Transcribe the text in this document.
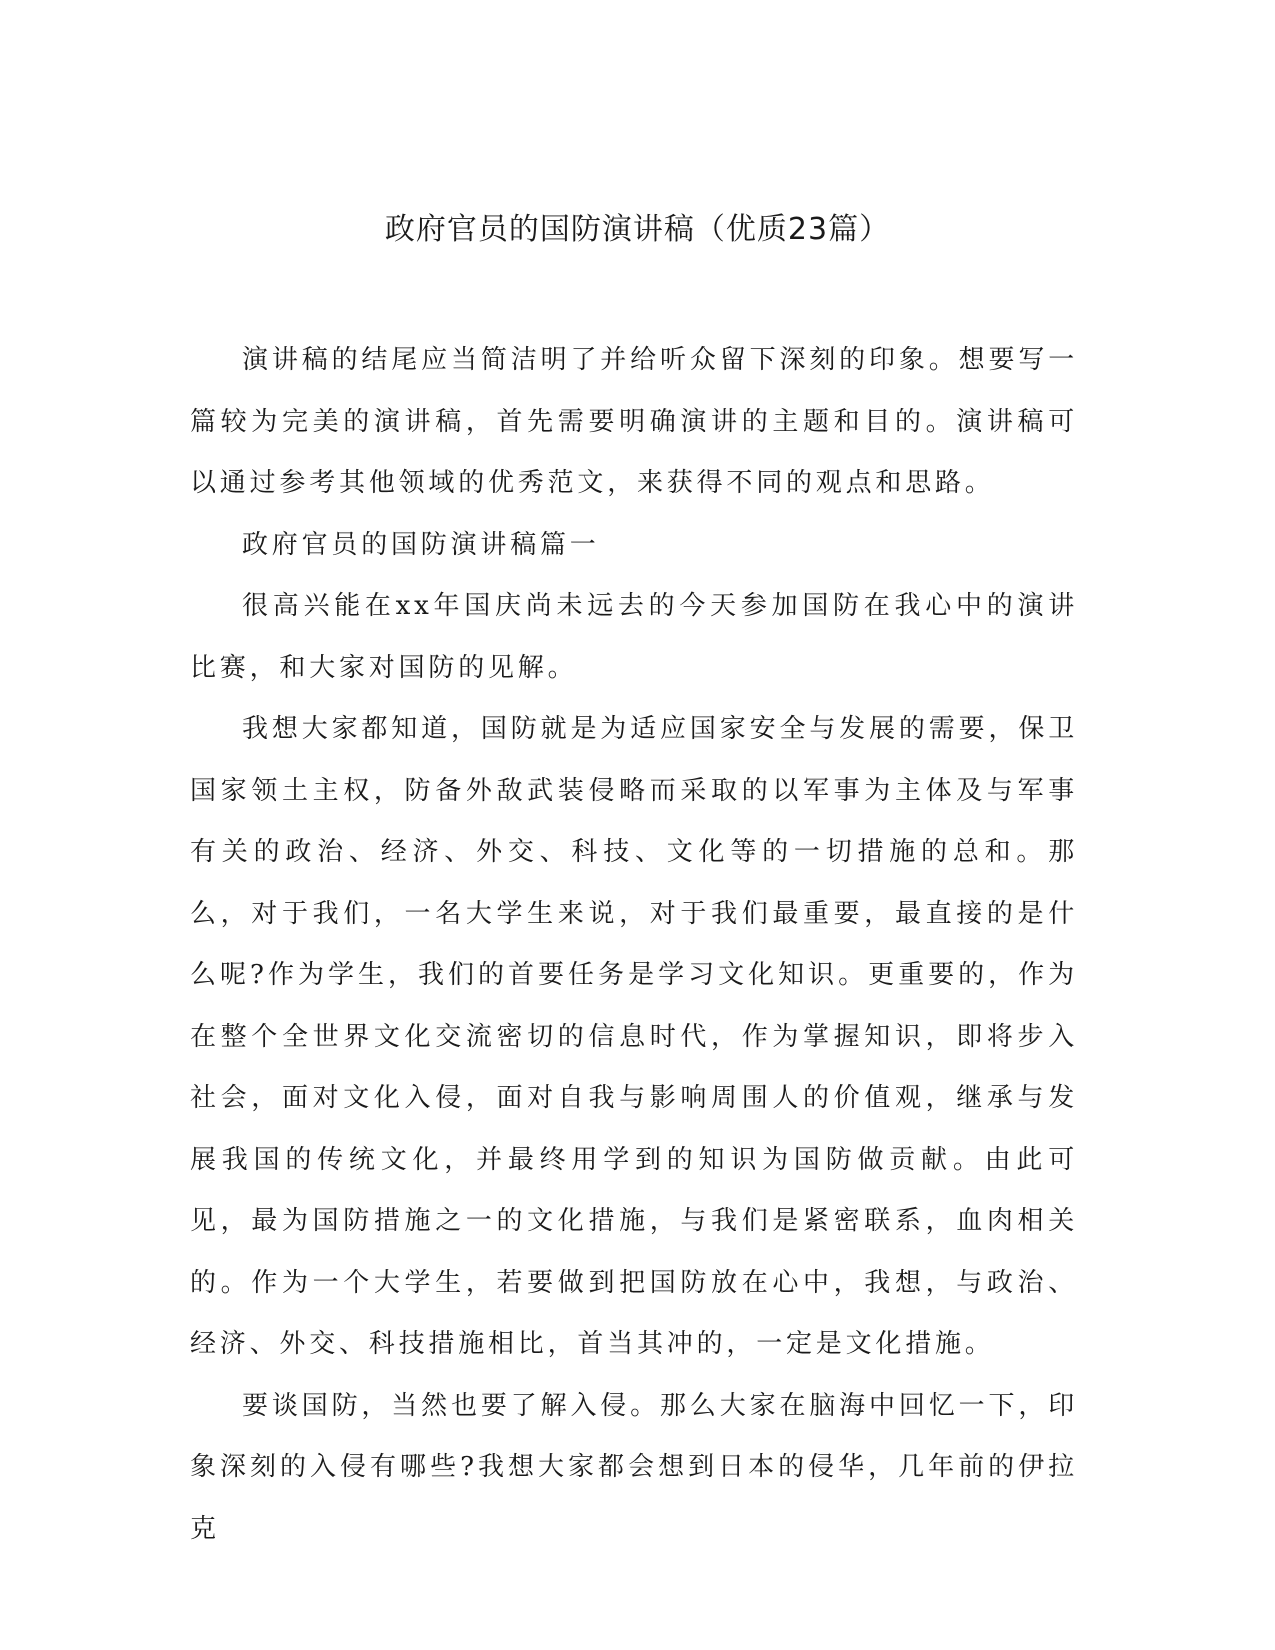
政府官员的国防演讲稿（优质23篇）

演讲稿的结尾应当简洁明了并给听众留下深刻的印象。想要写一篇较为完美的演讲稿，首先需要明确演讲的主题和目的。演讲稿可以通过参考其他领域的优秀范文，来获得不同的观点和思路。

政府官员的国防演讲稿篇一

很高兴能在xx年国庆尚未远去的今天参加国防在我心中的演讲比赛，和大家对国防的见解。

我想大家都知道，国防就是为适应国家安全与发展的需要，保卫国家领土主权，防备外敌武装侵略而采取的以军事为主体及与军事有关的政治、经济、外交、科技、文化等的一切措施的总和。那么，对于我们，一名大学生来说，对于我们最重要，最直接的是什么呢?作为学生，我们的首要任务是学习文化知识。更重要的，作为在整个全世界文化交流密切的信息时代，作为掌握知识，即将步入社会，面对文化入侵，面对自我与影响周围人的价值观，继承与发展我国的传统文化，并最终用学到的知识为国防做贡献。由此可见，最为国防措施之一的文化措施，与我们是紧密联系，血肉相关的。作为一个大学生，若要做到把国防放在心中，我想，与政治、经济、外交、科技措施相比，首当其冲的，一定是文化措施。

要谈国防，当然也要了解入侵。那么大家在脑海中回忆一下，印象深刻的入侵有哪些?我想大家都会想到日本的侵华，几年前的伊拉克
